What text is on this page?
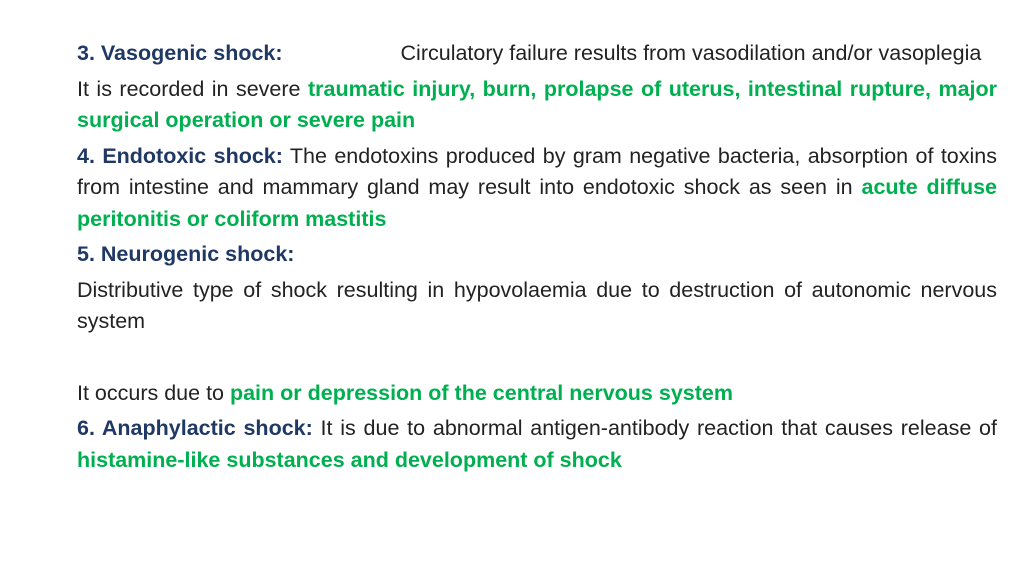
3. Vasogenic shock:	Circulatory failure results from vasodilation and/or vasoplegia

It is recorded in severe traumatic injury, burn, prolapse of uterus, intestinal rupture, major surgical operation or severe pain

4. Endotoxic shock: The endotoxins produced by gram negative bacteria, absorption of toxins from intestine and mammary gland may result into endotoxic shock as seen in acute diffuse peritonitis or coliform mastitis

5. Neurogenic shock:

Distributive type of shock resulting in hypovolaemia due to destruction of autonomic nervous system

It occurs due to pain or depression of the central nervous system

6. Anaphylactic shock: It is due to abnormal antigen-antibody reaction that causes release of histamine-like substances and development of shock
